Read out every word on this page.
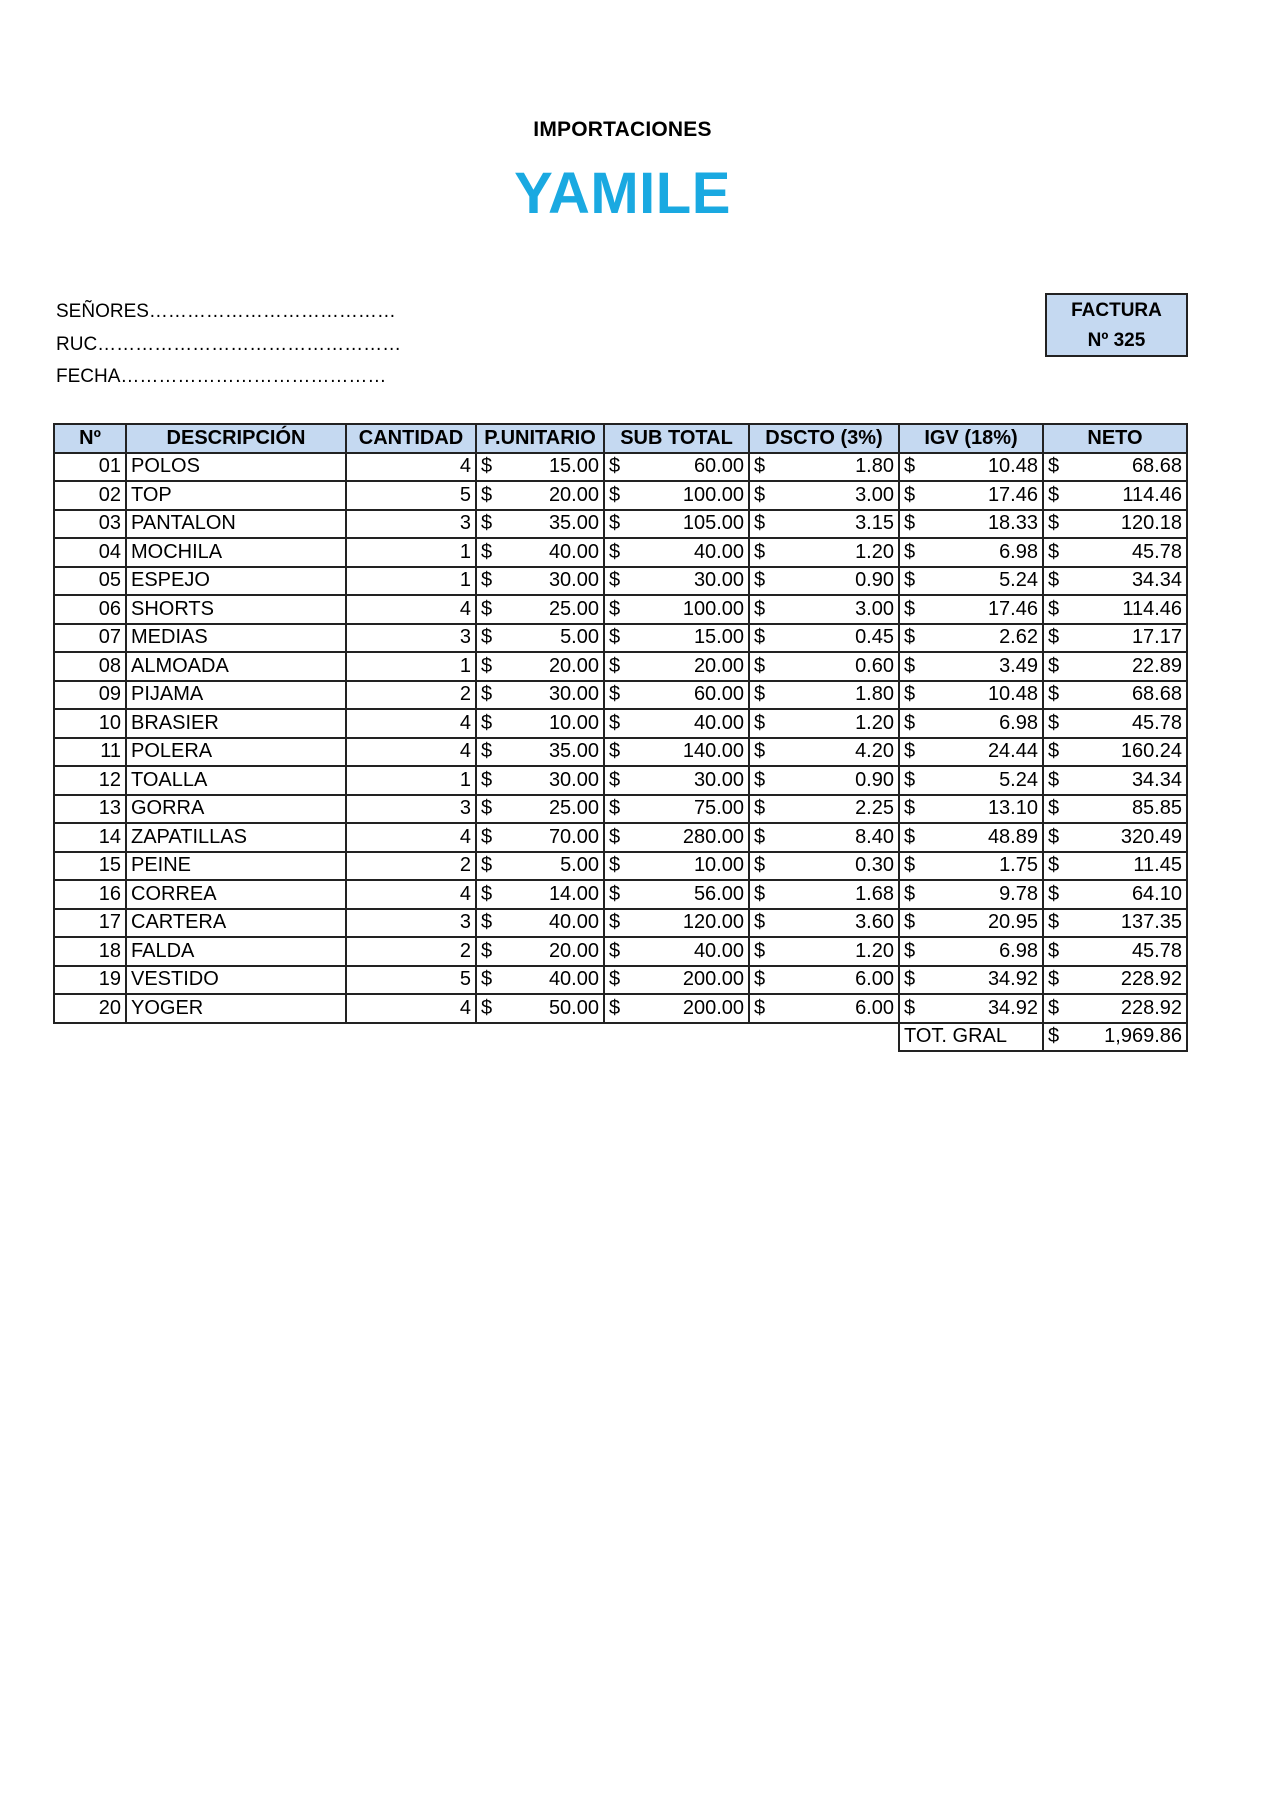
IMPORTACIONES
YAMILE
SEÑORES…………………………………
RUC…………………………………………
FECHA……………………………………
FACTURA
Nº 325
Nº	DESCRIPCIÓN	CANTIDAD	P.UNITARIO	SUB TOTAL	DSCTO (3%)	IGV (18%)	NETO
01	POLOS	4	$ 15.00	$ 60.00	$ 1.80	$ 10.48	$ 68.68

02	TOP	5	$ 20.00	$ 100.00	$ 3.00	$ 17.46	$ 114.46

03	PANTALON	3	$ 35.00	$ 105.00	$ 3.15	$ 18.33	$ 120.18

04	MOCHILA	1	$ 40.00	$ 40.00	$ 1.20	$ 6.98	$ 45.78

05	ESPEJO	1	$ 30.00	$ 30.00	$ 0.90	$ 5.24	$ 34.34

06	SHORTS	4	$ 25.00	$ 100.00	$ 3.00	$ 17.46	$ 114.46

07	MEDIAS	3	$ 5.00	$ 15.00	$ 0.45	$ 2.62	$ 17.17

08	ALMOADA	1	$ 20.00	$ 20.00	$ 0.60	$ 3.49	$ 22.89

09	PIJAMA	2	$ 30.00	$ 60.00	$ 1.80	$ 10.48	$ 68.68

10	BRASIER	4	$ 10.00	$ 40.00	$ 1.20	$ 6.98	$ 45.78

11	POLERA	4	$ 35.00	$ 140.00	$ 4.20	$ 24.44	$ 160.24

12	TOALLA	1	$ 30.00	$ 30.00	$ 0.90	$ 5.24	$ 34.34

13	GORRA	3	$ 25.00	$ 75.00	$ 2.25	$ 13.10	$ 85.85

14	ZAPATILLAS	4	$ 70.00	$ 280.00	$ 8.40	$ 48.89	$ 320.49

15	PEINE	2	$ 5.00	$ 10.00	$ 0.30	$ 1.75	$ 11.45

16	CORREA	4	$ 14.00	$ 56.00	$ 1.68	$ 9.78	$ 64.10

17	CARTERA	3	$ 40.00	$ 120.00	$ 3.60	$ 20.95	$ 137.35

18	FALDA	2	$ 20.00	$ 40.00	$ 1.20	$ 6.98	$ 45.78

19	VESTIDO	5	$ 40.00	$ 200.00	$ 6.00	$ 34.92	$ 228.92

20	YOGER	4	$ 50.00	$ 200.00	$ 6.00	$ 34.92	$ 228.92

						TOT. GRAL	$ 1,969.86
